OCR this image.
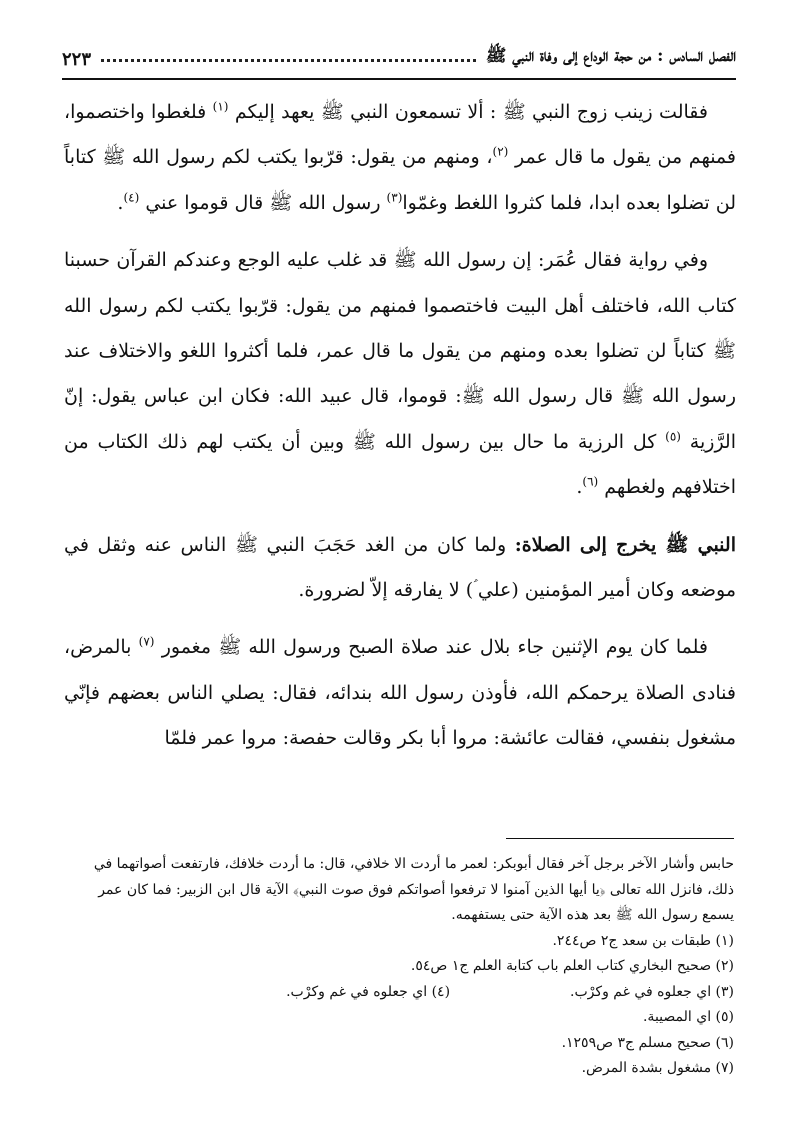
الفصل السادس : من حجة الوداع إلى وفاة النبي ﷺ
٢٢٣

فقالت زينب زوج النبي ﷺ : ألا تسمعون النبي ﷺ يعهد إليكم $^{(١)}$ فلغطوا واختصموا، فمنهم من يقول ما قال عمر $^{(٢)}$، ومنهم من يقول: قرّبوا يكتب لكم رسول الله ﷺ كتاباً لن تضلوا بعده ابدا، فلما كثروا اللغط وغمّوا$^{(٣)}$ رسول الله ﷺ قال قوموا عني $^{(٤)}$.

وفي رواية فقال عُمَر: إن رسول الله ﷺ قد غلب عليه الوجع وعندكم القرآن حسبنا كتاب الله، فاختلف أهل البيت فاختصموا فمنهم من يقول: قرّبوا يكتب لكم رسول الله ﷺ كتاباً لن تضلوا بعده ومنهم من يقول ما قال عمر، فلما أكثروا اللغو والاختلاف عند رسول الله ﷺ قال رسول الله ﷺ: قوموا، قال عبيد الله: فكان ابن عباس يقول: إنّ الرَّزية $^{(٥)}$ كل الرزية ما حال بين رسول الله ﷺ وبين أن يكتب لهم ذلك الكتاب من اختلافهم ولغطهم $^{(٦)}$.

النبي ﷺ يخرج إلى الصلاة: ولما كان من الغد حَجَبَ النبي ﷺ الناس عنه وثقل في موضعه وكان أمير المؤمنين (علي ؑ) لا يفارقه إلاّ لضرورة.

فلما كان يوم الإثنين جاء بلال عند صلاة الصبح ورسول الله ﷺ مغمور $^{(٧)}$ بالمرض، فنادى الصلاة يرحمكم الله، فأوذن رسول الله بندائه، فقال: يصلي الناس بعضهم فإنّي مشغول بنفسي، فقالت عائشة: مروا أبا بكر وقالت حفصة: مروا عمر فلمّا

حابس وأشار الآخر برجل آخر فقال أبوبكر: لعمر ما أردت الا خلافي، قال: ما أردت خلافك، فارتفعت أصواتهما في ذلك، فانزل الله تعالى ﴿يا أيها الذين آمنوا لا ترفعوا أصواتكم فوق صوت النبي﴾ الآية قال ابن الزبير: فما كان عمر يسمع رسول الله ﷺ بعد هذه الآية حتى يستفهمه.

(١) طبقات بن سعد ج٢ ص٢٤٤.

(٢) صحيح البخاري كتاب العلم باب كتابة العلم ج١ ص٥٤.

(٣) اي جعلوه في غم وكرْب.
(٤) اي جعلوه في غم وكرْب.

(٥) اي المصيبة.

(٦) صحيح مسلم ج٣ ص١٢٥٩.

(٧) مشغول بشدة المرض.
